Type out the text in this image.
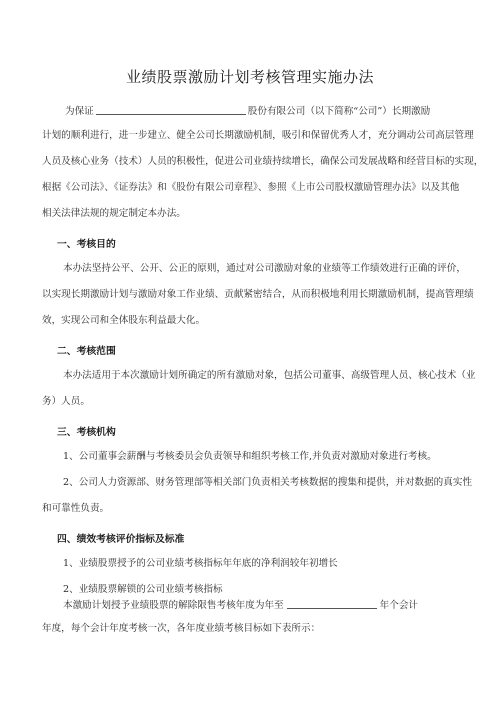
业绩股票激励计划考核管理实施办法
为保证	股份有限公司（以下简称“公司”）长期激励
计划的顺利进行，进一步建立、健全公司长期激励机制，吸引和保留优秀人才，充分调动公司高层管理
人员及核心业务（技术）人员的积极性，促进公司业绩持续增长，确保公司发展战略和经营目标的实现，
根据《公司法》、《证券法》和《股份有限公司章程》、参照《上市公司股权激励管理办法》以及其他
相关法律法规的规定制定本办法。
一、考核目的
本办法坚持公平、公开、公正的原则，通过对公司激励对象的业绩等工作绩效进行正确的评价，
以实现长期激励计划与激励对象工作业绩、贡献紧密结合，从而积极地利用长期激励机制，提高管理绩
效，实现公司和全体股东利益最大化。
二、考核范围
本办法适用于本次激励计划所确定的所有激励对象，包括公司董事、高级管理人员、核心技术（业
务）人员。
三、考核机构
1、公司董事会薪酬与考核委员会负责领导和组织考核工作,并负责对激励对象进行考核。
2、公司人力资源部、财务管理部等相关部门负责相关考核数据的搜集和提供，并对数据的真实性
和可靠性负责。
四、绩效考核评价指标及标准
1、业绩股票授予的公司业绩考核指标年年底的净利润较年初增长
2、业绩股票解锁的公司业绩考核指标
本激励计划授予业绩股票的解除限售考核年度为年至	年个会计
年度，每个会计年度考核一次，各年度业绩考核目标如下表所示：
